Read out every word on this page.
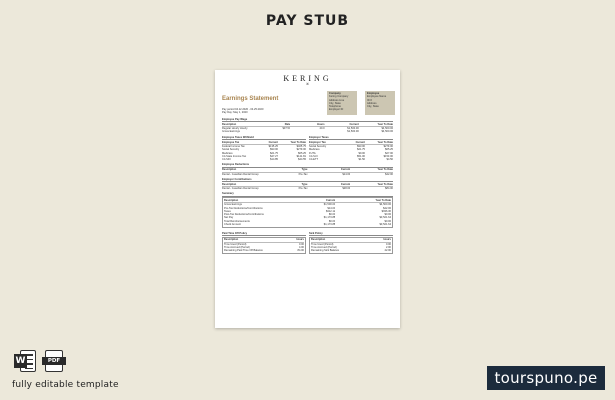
PAY STUB
KERING
⌘
Earnings Statement
Pay period 04.12.2020 - 04.25.2020
Pay Day: May 1, 2020
Company
Kering Company
Address Line
City, State
Telephone
Employer ID
Employee
Employee Name
ID #
Address
City, State
Employee Pay Wage
Description	Rate	Hours	Current	Year To Date
Regular Hourly Hourly	$37.50	40.0	$1,500.00	$4,500.00
Gross Earnings	$1,500.00	$4,500.00
Employee Taxes Withheld
Employee Tax	Current	Year To Date
Federal Income Tax	$135.25	$405.75
Social Security	$93.00	$279.00
Medicare	$21.75	$65.25
CA State Income Tax	$47.27	$141.81
CA SDI	$14.85	$44.55
Employer Taxes
Employer Tax	Current	Year To Date
Social Security	$93.00	$279.00
Medicare	$21.75	$65.25
FUTA	$9.00	$27.00
CA SUI	$51.00	$153.00
CA ETT	$1.50	$4.50
Employee Deductions
Description	Type	Current	Year To Date
Dental - Guardian Dental Group	Pre-Tax	$14.00	$42.00
Employer Contributions
Description	Type	Current	Year To Date
Dental - Guardian Dental Group	Pre-Tax	$28.00	$84.00
Summary
Description	Current	Year To Date
Gross Earnings	$1,500.00	$4,500.00
Pre-Tax Deductions/Contributions	$14.00	$42.00
Taxes	$312.12	$936.36
Post-Tax Deductions/Contributions	$0.00	$0.00
Net Pay	$1,173.88	$3,521.64
Total Reimbursements	$0.00	$0.00
Check Amount	$1,173.88	$3,521.64
Paid Time Off Policy
Description	Hours
Time Used (Period)	0.00
Time Accrued (Period)	4.00
Remaining Paid Time Off Balance	84.00
Sick Policy
Description	Hours
Time Used (Period)	0.00
Time Accrued (Period)	2.00
Remaining Sick Balance	42.00
W	PDF
fully editable template	tourspuno.pe
